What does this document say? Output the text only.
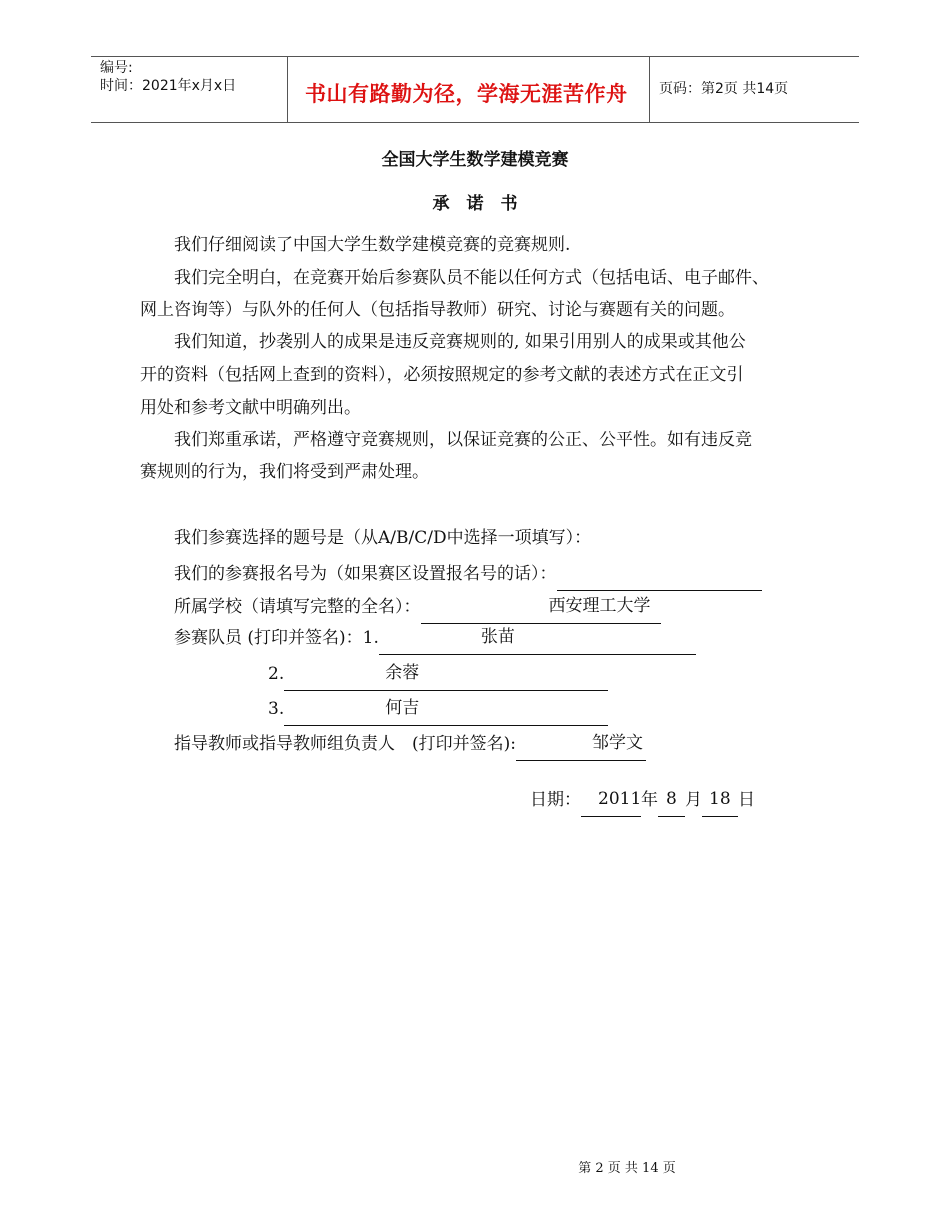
编号:
时间：2021年x月x日	书山有路勤为径，学海无涯苦作舟 页码：第2页 共14页
全国大学生数学建模竞赛
承　诺　书
我们仔细阅读了中国大学生数学建模竞赛的竞赛规则.
我们完全明白，在竞赛开始后参赛队员不能以任何方式（包括电话、电子邮件、
网上咨询等）与队外的任何人（包括指导教师）研究、讨论与赛题有关的问题。
我们知道，抄袭别人的成果是违反竞赛规则的, 如果引用别人的成果或其他公
开的资料（包括网上查到的资料），必须按照规定的参考文献的表述方式在正文引
用处和参考文献中明确列出。
我们郑重承诺，严格遵守竞赛规则，以保证竞赛的公正、公平性。如有违反竞
赛规则的行为，我们将受到严肃处理。
我们参赛选择的题号是（从A/B/C/D中选择一项填写）：
我们的参赛报名号为（如果赛区设置报名号的话）：
所属学校（请填写完整的全名）：	西安理工大学
参赛队员 (打印并签名)：1.	张苗
2.	余蓉
3.	何吉
指导教师或指导教师组负责人　(打印并签名):	邹学文
日期： 2011 年 8 月 18 日
第 2 页 共 14 页
